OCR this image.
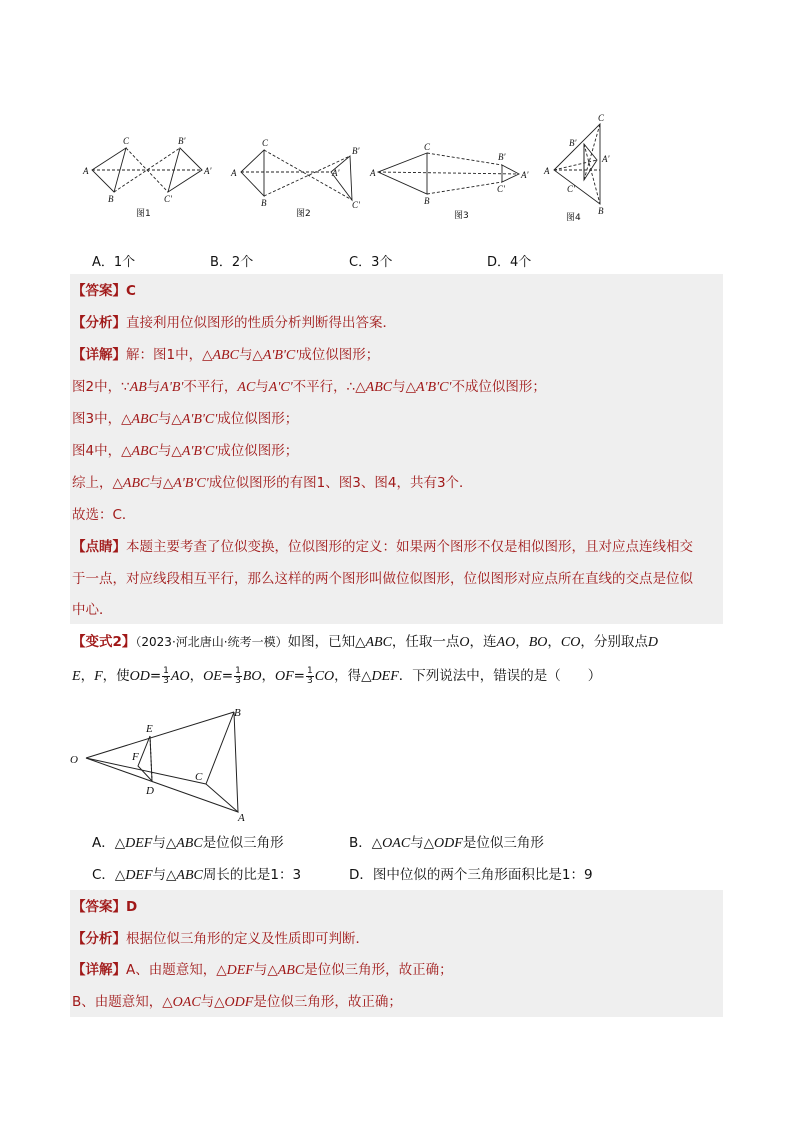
A
C
B
B'
A'
C'
图1
A
C
B
A'
B'
C'
图2
A
C
B
B'
C'
A'
图3
A
C
B
B'
A'
C'
图4
A．1个	B．2个	C．3个	D．4个
【答案】C
【分析】直接利用位似图形的性质分析判断得出答案．
【详解】解：图1中，△ABC与△A'B'C'成位似图形；
图2中，∵AB与A'B'不平行，AC与A'C'不平行，∴△ABC与△A'B'C'不成位似图形；
图3中，△ABC与△A'B'C'成位似图形；
图4中，△ABC与△A'B'C'成位似图形；
综上，△ABC与△A'B'C'成位似图形的有图1、图3、图4，共有3个．
故选：C．
【点睛】本题主要考查了位似变换，位似图形的定义：如果两个图形不仅是相似图形，且对应点连线相交
于一点，对应线段相互平行，那么这样的两个图形叫做位似图形，位似图形对应点所在直线的交点是位似
中心．
【变式2】（2023·河北唐山·统考一模）如图，已知△ABC，任取一点O，连AO，BO，CO，分别取点D
E，F，使$OD= \frac{1}{3}$ AO，$OE= \frac{1}{3}$ BO，$OF= \frac{1}{3}$ CO，得△DEF．下列说法中，错误的是（　　）
O
E
F
D
C
B
A
A．△DEF与△ABC是位似三角形	B．△OAC与△ODF是位似三角形
C．△DEF与△ABC周长的比是1：3	D．图中位似的两个三角形面积比是1：9
【答案】D
【分析】根据位似三角形的定义及性质即可判断．
【详解】A、由题意知，△DEF与△ABC是位似三角形，故正确；
B、由题意知，△OAC与△ODF是位似三角形，故正确；
